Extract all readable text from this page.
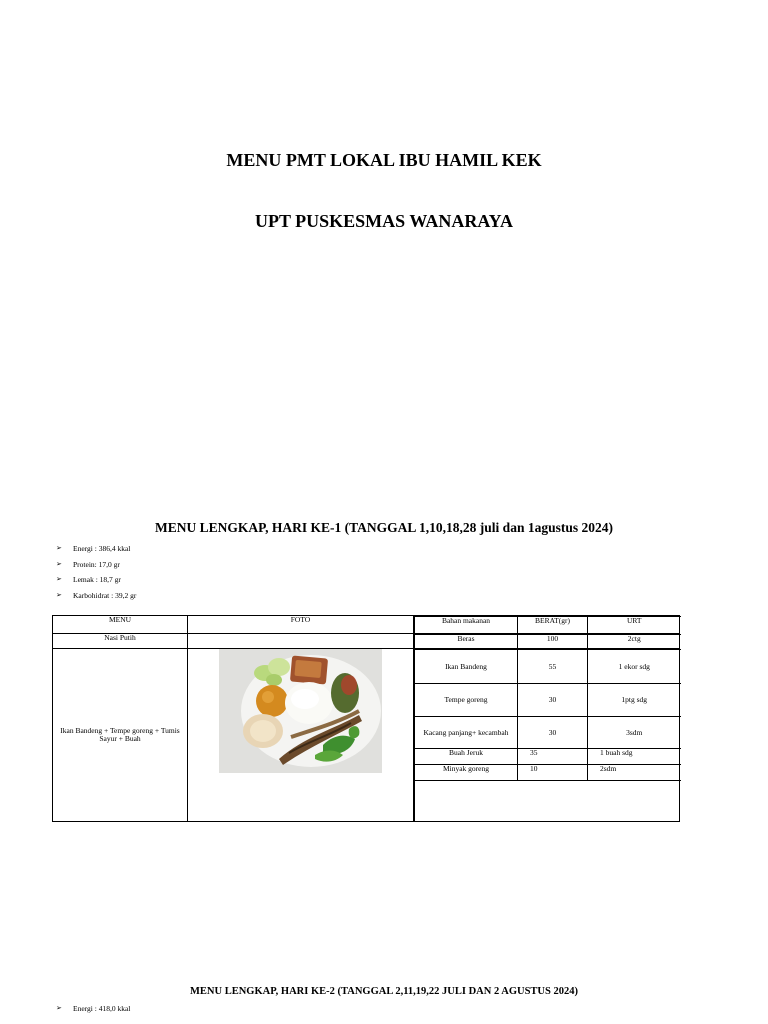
MENU PMT LOKAL IBU HAMIL KEK
UPT PUSKESMAS WANARAYA
MENU LENGKAP, HARI KE-1 (TANGGAL 1,10,18,28 juli dan 1agustus 2024)
➢	Energi : 386,4 kkal
➢	Protein: 17,0 gr
➢	Lemak : 18,7 gr
➢	Karbohidrat : 39,2 gr
MENU	FOTO		Bahan makanan	BERAT(gr)	URT

Nasi Putih			Beras	100	2ctg

Ikan Bandeng + Tempe goreng + Tumis Sayur + Buah	

Ikan Bandeng	55	1 ekor sdg
Tempe goreng	30	1ptg sdg
Kacang panjang+ kecambah	30	3sdm
Buah Jeruk	35	1 buah sdg
Minyak goreng	10	2sdm

MENU LENGKAP, HARI KE-2 (TANGGAL 2,11,19,22 JULI DAN 2 AGUSTUS 2024)
➢	Energi : 418,0 kkal
